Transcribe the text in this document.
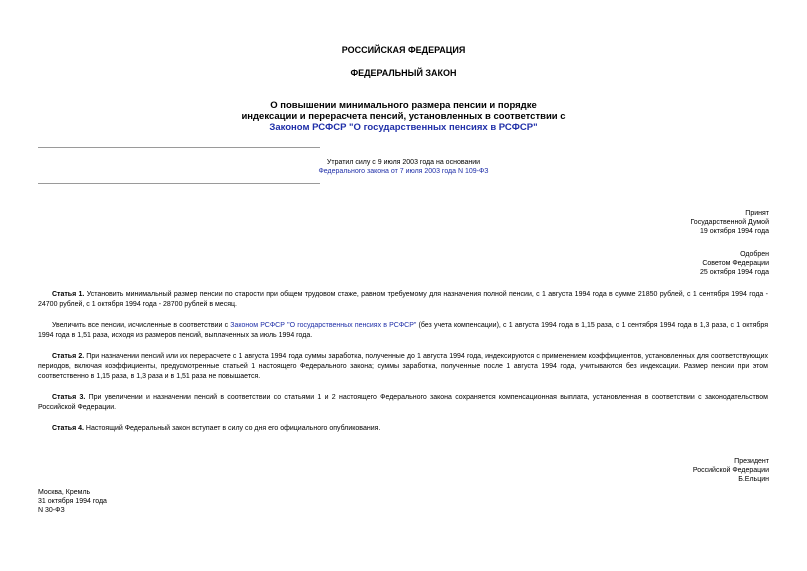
РОССИЙСКАЯ ФЕДЕРАЦИЯ
ФЕДЕРАЛЬНЫЙ ЗАКОН
О повышении минимального размера пенсии и порядке
индексации и перерасчета пенсий, установленных в соответствии с
Законом РСФСР "О государственных пенсиях в РСФСР"
Утратил силу с 9 июля 2003 года на основании
Федерального закона от 7 июля 2003 года N 109-ФЗ
Принят
Государственной Думой
19 октября 1994 года
Одобрен
Советом Федерации
25 октября 1994 года
Статья 1. Установить минимальный размер пенсии по старости при общем трудовом стаже, равном требуемому для назначения полной пенсии, с 1 августа 1994 года в сумме 21850 рублей, с 1 сентября 1994 года - 24700 рублей, с 1 октября 1994 года - 28700 рублей в месяц.
Увеличить все пенсии, исчисленные в соответствии с Законом РСФСР "О государственных пенсиях в РСФСР" (без учета компенсации), с 1 августа 1994 года в 1,15 раза, с 1 сентября 1994 года в 1,3 раза, с 1 октября 1994 года в 1,51 раза, исходя из размеров пенсий, выплаченных за июль 1994 года.
Статья 2. При назначении пенсий или их перерасчете с 1 августа 1994 года суммы заработка, полученные до 1 августа 1994 года, индексируются с применением коэффициентов, установленных для соответствующих периодов, включая коэффициенты, предусмотренные статьей 1 настоящего Федерального закона; суммы заработка, полученные после 1 августа 1994 года, учитываются без индексации. Размер пенсии при этом соответственно в 1,15 раза, в 1,3 раза и в 1,51 раза не повышается.
Статья 3. При увеличении и назначении пенсий в соответствии со статьями 1 и 2 настоящего Федерального закона сохраняется компенсационная выплата, установленная в соответствии с законодательством Российской Федерации.
Статья 4. Настоящий Федеральный закон вступает в силу со дня его официального опубликования.
Президент
Российской Федерации
Б.Ельцин
Москва, Кремль
31 октября 1994 года
N 30-ФЗ
